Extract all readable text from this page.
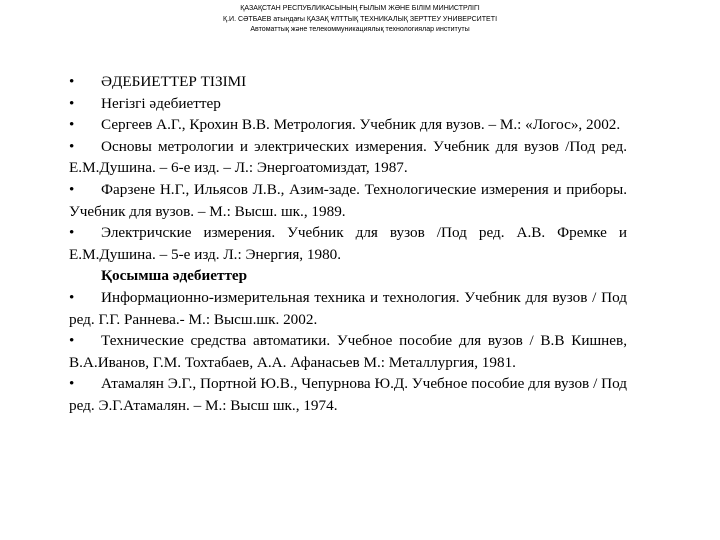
ҚАЗАҚСТАН РЕСПУБЛИКАСЫНЫҢ ҒЫЛЫМ ЖӘНЕ БІЛІМ МИНИСТРЛІГІ
Қ.И. СӘТБАЕВ атындағы ҚАЗАҚ ҰЛТТЫҚ ТЕХНИКАЛЫҚ ЗЕРТТЕУ УНИВЕРСИТЕТІ
Автоматтық және телекоммуникациялық технологиялар институты
• ӘДЕБИЕТТЕР ТІЗІМІ
• Негізгі әдебиеттер
• Сергеев А.Г., Крохин В.В. Метрология. Учебник для вузов. – М.: «Логос», 2002.
• Основы метрологии и электрических измерения. Учебник для вузов /Под ред. Е.М.Душина. – 6-е изд. – Л.: Энергоатомиздат, 1987.
• Фарзене Н.Г., Ильясов Л.В., Азим-заде. Технологические измерения и приборы. Учебник для вузов. – М.: Высш. шк., 1989.
• Электричские измерения. Учебник для вузов /Под ред. А.В. Фремке и Е.М.Душина. – 5-е изд. Л.: Энергия, 1980.
Қосымша әдебиеттер
• Информационно-измерительная техника и технология. Учебник для вузов / Под ред. Г.Г. Раннева.- М.: Высш.шк. 2002.
• Технические средства автоматики. Учебное пособие для вузов / В.В Кишнев, В.А.Иванов, Г.М. Тохтабаев, А.А. Афанасьев М.: Металлургия, 1981.
• Атамалян Э.Г., Портной Ю.В., Чепурнова Ю.Д. Учебное пособие для вузов / Под ред. Э.Г.Атамалян. – М.: Высш шк., 1974.
